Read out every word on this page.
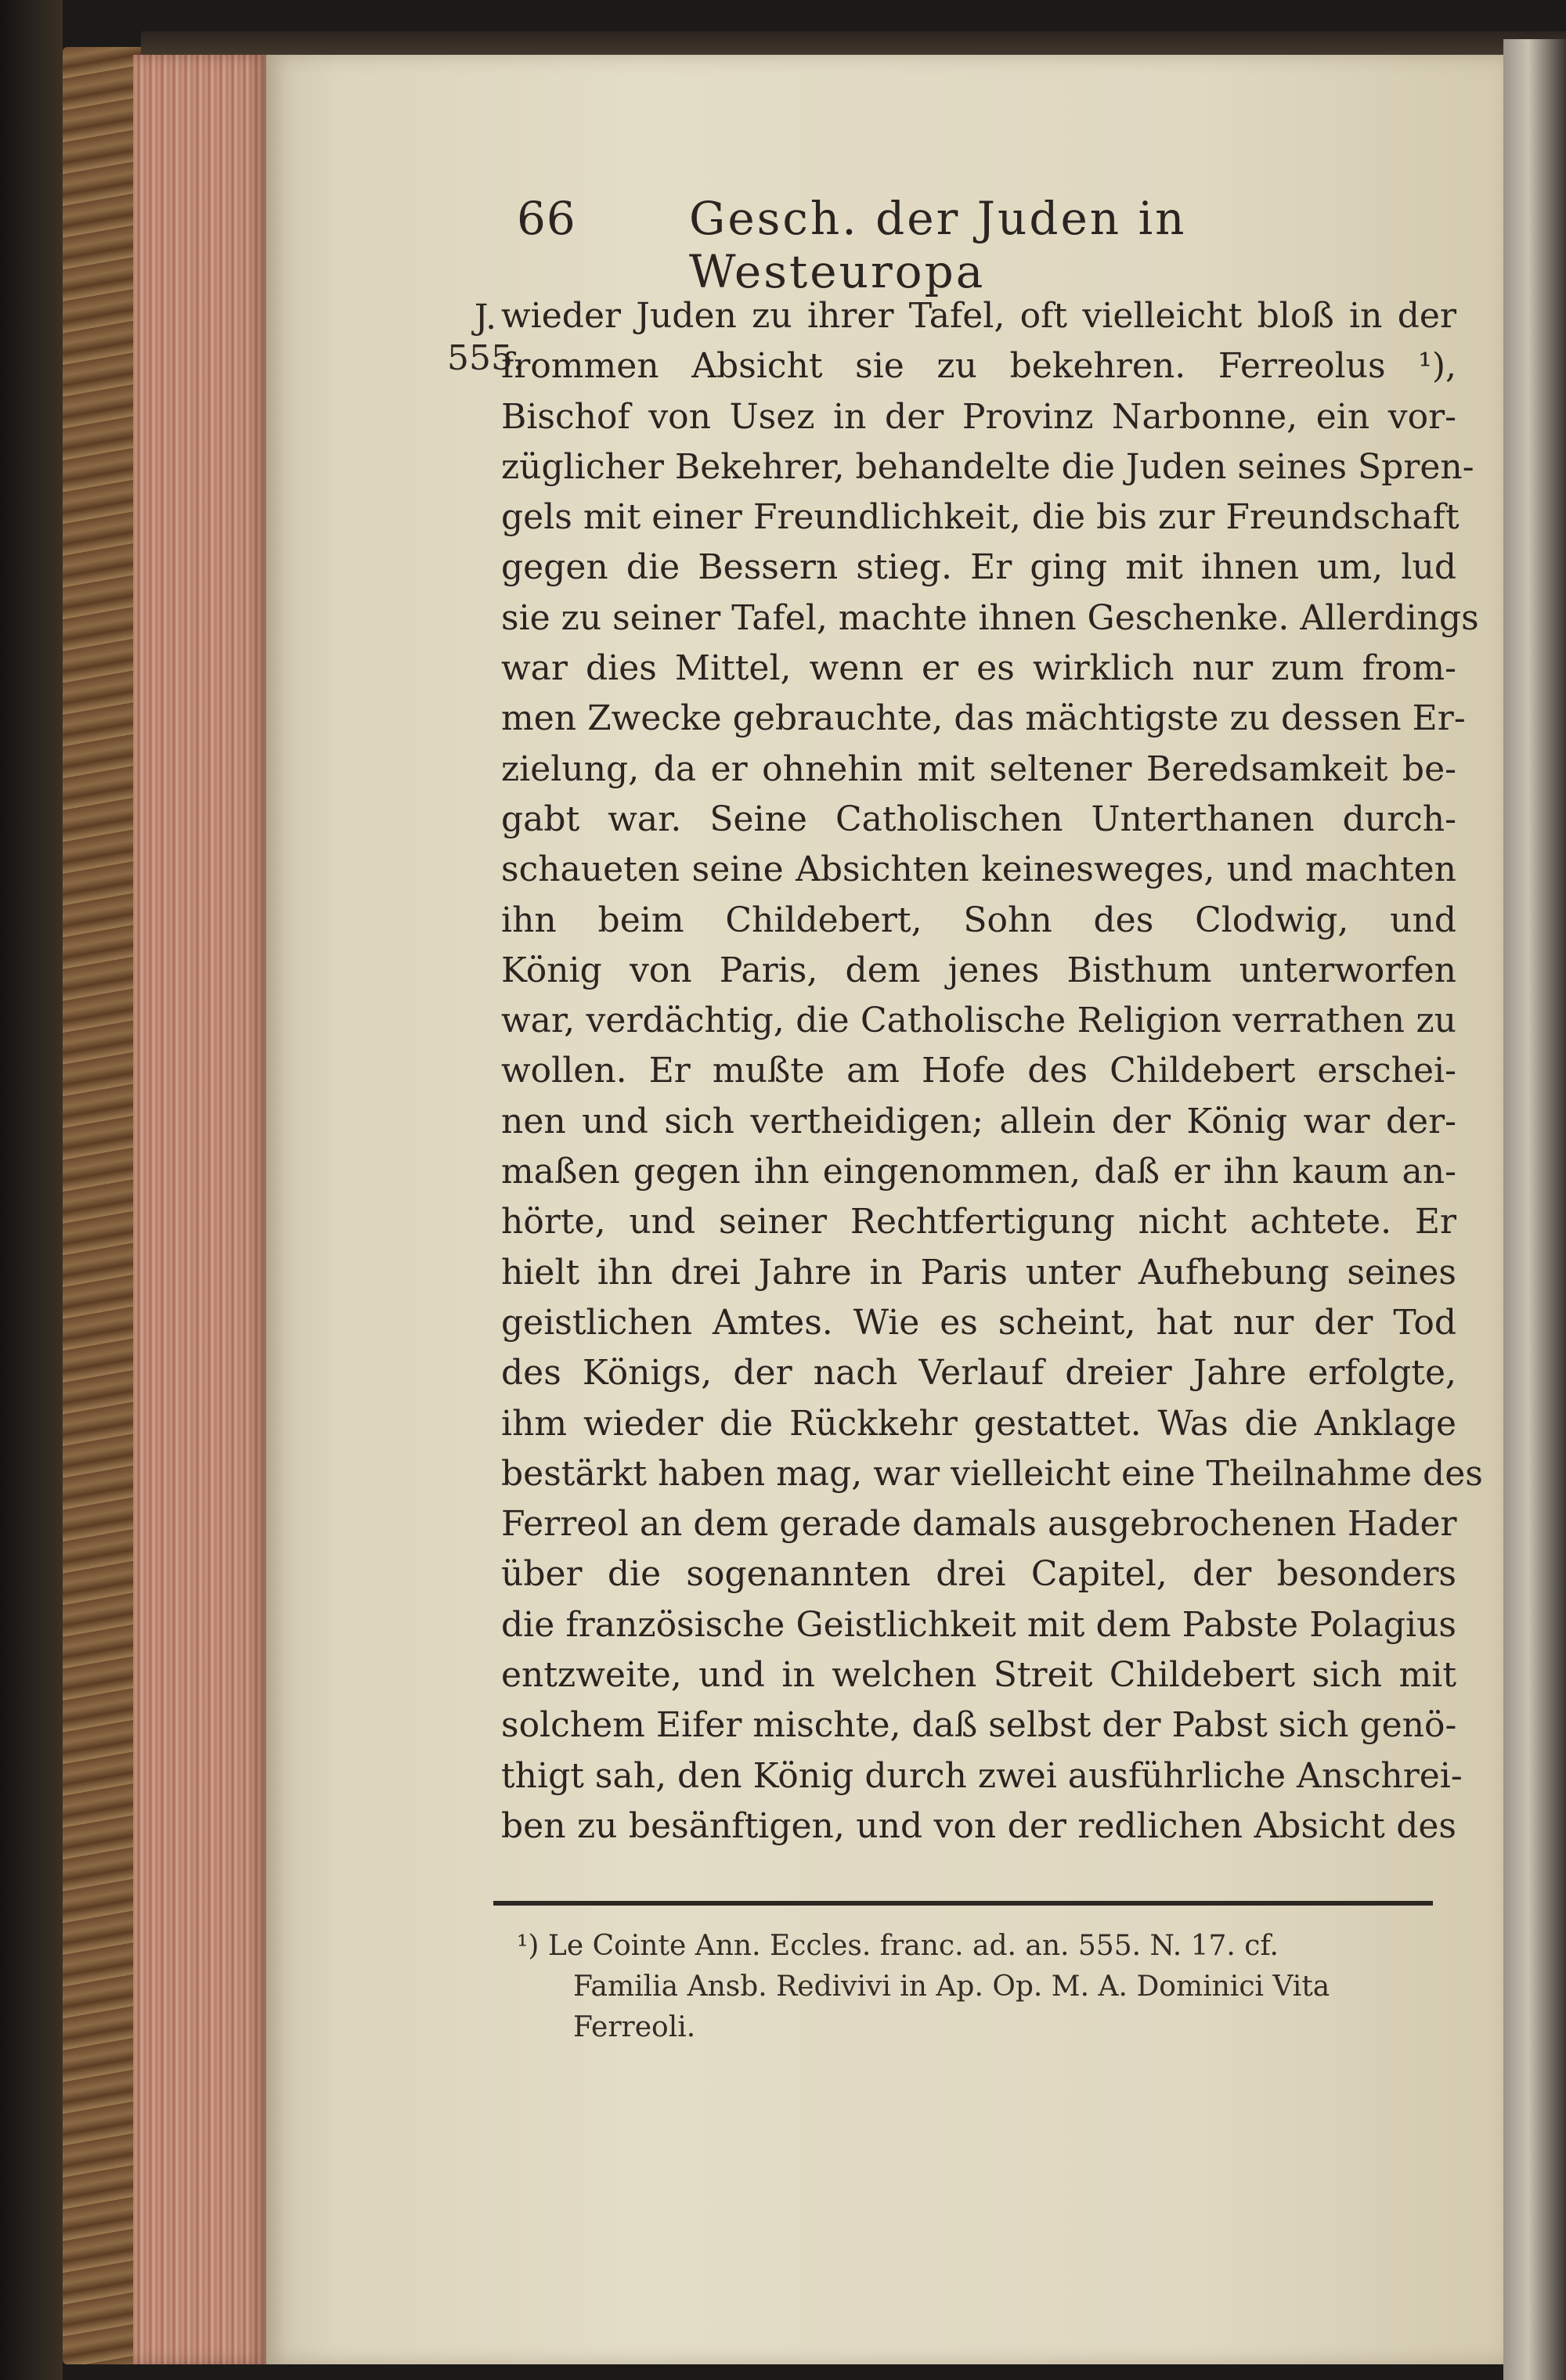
66 Gesch. der Juden in Westeuropa
J.
555.
wieder Juden zu ihrer Tafel, oft vielleicht bloß in der
frommen Absicht sie zu bekehren. Ferreolus ¹),
Bischof von Usez in der Provinz Narbonne, ein vor-
züglicher Bekehrer, behandelte die Juden seines Spren-
gels mit einer Freundlichkeit, die bis zur Freundschaft
gegen die Bessern stieg. Er ging mit ihnen um, lud
sie zu seiner Tafel, machte ihnen Geschenke. Allerdings
war dies Mittel, wenn er es wirklich nur zum from-
men Zwecke gebrauchte, das mächtigste zu dessen Er-
zielung, da er ohnehin mit seltener Beredsamkeit be-
gabt war. Seine Catholischen Unterthanen durch-
schaueten seine Absichten keinesweges, und machten
ihn beim Childebert, Sohn des Clodwig, und
König von Paris, dem jenes Bisthum unterworfen
war, verdächtig, die Catholische Religion verrathen zu
wollen. Er mußte am Hofe des Childebert erschei-
nen und sich vertheidigen; allein der König war der-
maßen gegen ihn eingenommen, daß er ihn kaum an-
hörte, und seiner Rechtfertigung nicht achtete. Er
hielt ihn drei Jahre in Paris unter Aufhebung seines
geistlichen Amtes. Wie es scheint, hat nur der Tod
des Königs, der nach Verlauf dreier Jahre erfolgte,
ihm wieder die Rückkehr gestattet. Was die Anklage
bestärkt haben mag, war vielleicht eine Theilnahme des
Ferreol an dem gerade damals ausgebrochenen Hader
über die sogenannten drei Capitel, der besonders
die französische Geistlichkeit mit dem Pabste Polagius
entzweite, und in welchen Streit Childebert sich mit
solchem Eifer mischte, daß selbst der Pabst sich genö-
thigt sah, den König durch zwei ausführliche Anschrei-
ben zu besänftigen, und von der redlichen Absicht des
¹) Le Cointe Ann. Eccles. franc. ad. an. 555. N. 17. cf.
Familia Ansb. Redivivi in Ap. Op. M. A. Dominici Vita
Ferreoli.
